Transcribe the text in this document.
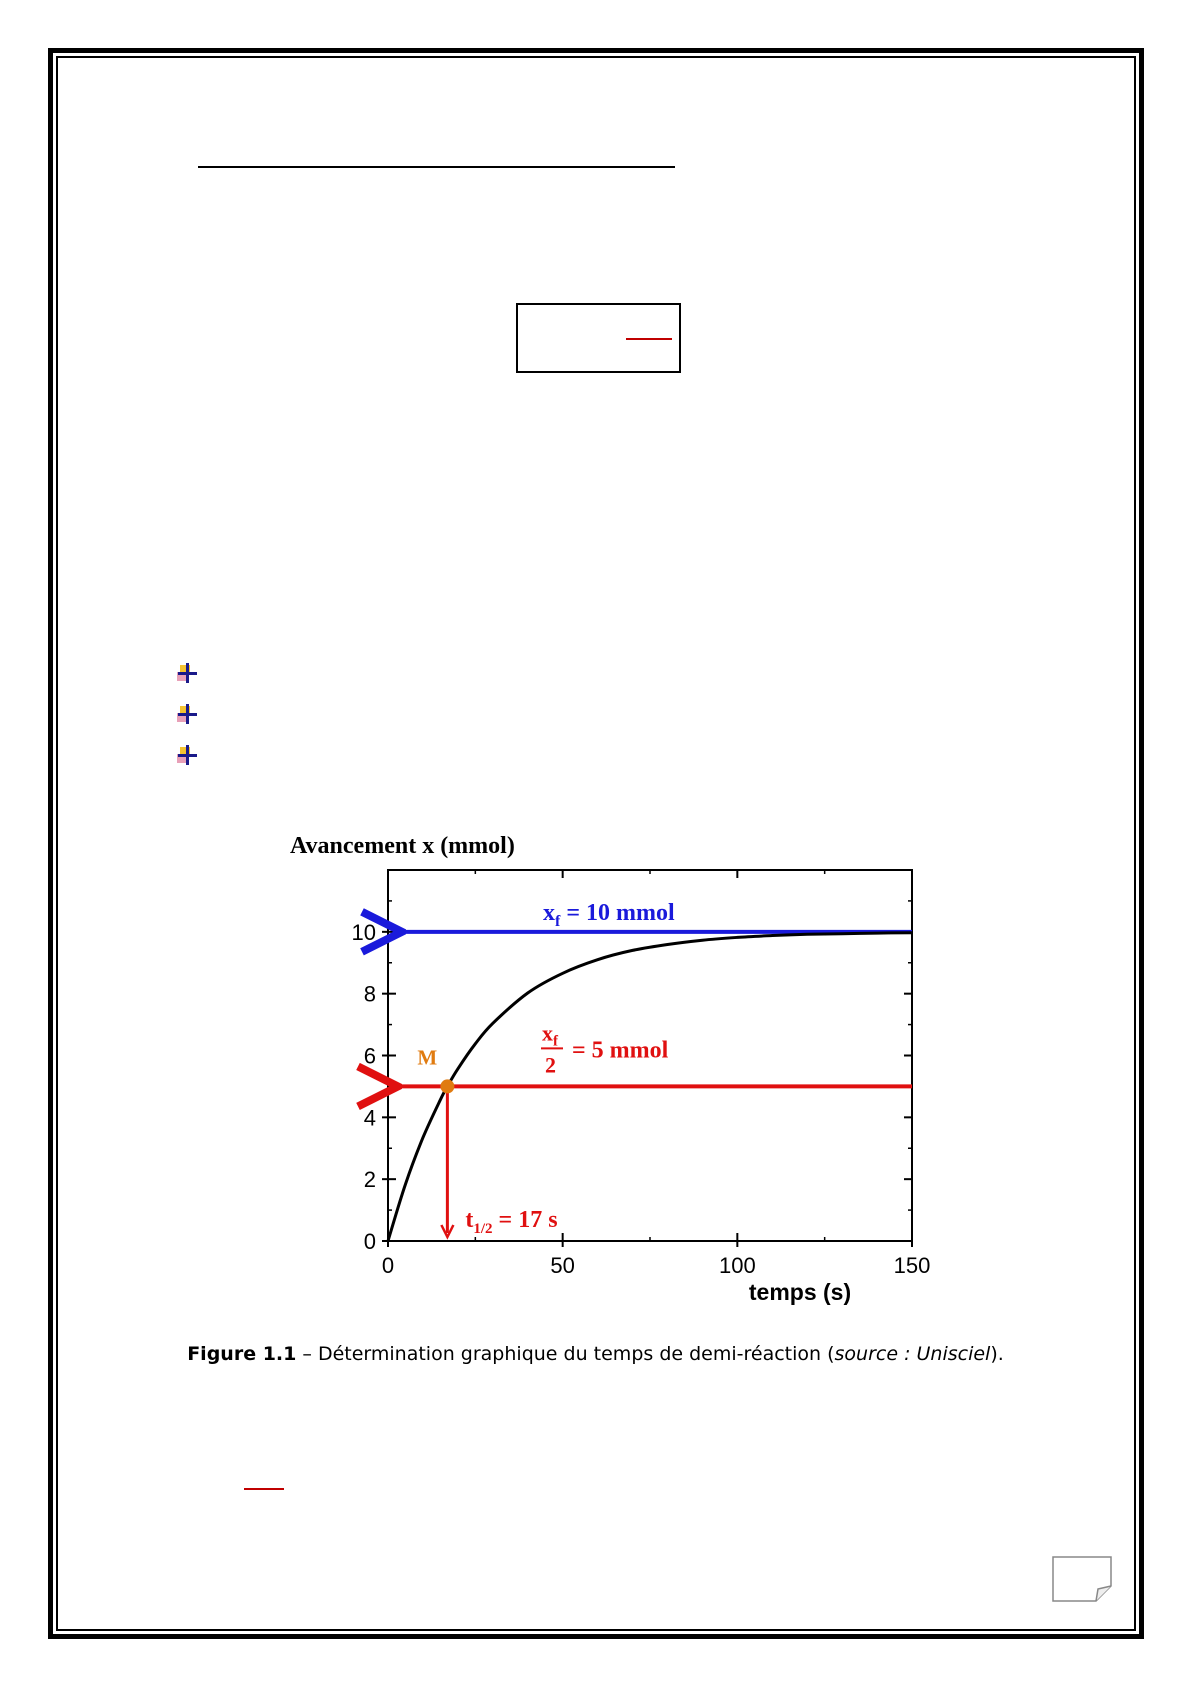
Avancement x (mmol)
0
2
4
6
8
10
0	50	100	150
temps (s)
$x_f = 10$ mmol
$x_f$
2
= 5 mmol
$t_{1/2} = 17$ s
M
Figure 1.1 – Détermination graphique du temps de demi-réaction (source : Unisciel).
